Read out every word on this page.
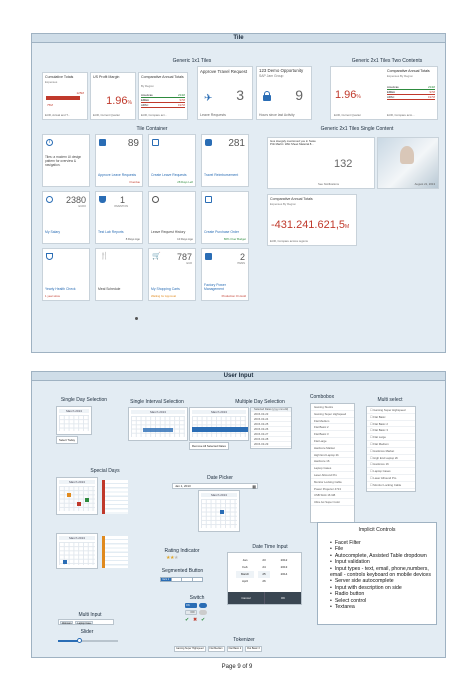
Tile
Generic 1x1 Tiles	Generic 2x1 Tiles Two Contents
Cumulative Totals
Expenses
125M
75M
EUR, Actual and T...
US Profit Margin
1.96%
EUR, Current Quarter
Comparative Annual Totals
By Region
Americas	234M
EMEA	97M
APAC	197M
EUR, Compare acr...
Approve Travel Request
✈ 3
Leave Requests
123 Demo Opportunity
SAP Jam Group
9
Hours since last Activity
1.96%
EUR, Current Quarter
Comparative Annual Totals
Expenses By Region
Americas	234M
EMEA	97M
APAC	197M
EUR, Compare acro...
Tile Container	Generic 2x1 Tiles Single Content
i
Tiles: a modern UI design pattern for overview & navigation.
89
Approve Leave Requests
Overdue
Create Leave Requests
28 Days Left
281
Travel Reimbursement
2380
EURO
My Salary
1
INVENTION
Test Lab Reports
8 Days Ago
Leave Request History
10 Days Ago
Create Purchase Order
80% Over Budget
Yearly Health Check
1 year since
🍴
Meal Schedule
🛒 787
EUR
My Shopping Carts
Waiting for Approval
2
ITEMS
Factory Power Management
Production On Hold
Gus Hoogsly mentioned you in Susie Priti Martin: Wiki Sheet Material 8...
132
See Notifications	August 21, 2013
Comparative Annual Totals
Expenses By Region
-431.241.621,5M
EUR, Compare across regions
User Input
Single Day Selection	Single Interval Selection	Multiple Day Selection
Combobox	Multi select
March 2013
Select Today
March 2013	March 2013
Remove All Selected Dates
Selected Dates (yyyy-mm-dd)
2015-03-23
2015-03-24
2015-03-25
2015-03-26
2015-03-27
2015-03-28
2015-03-29
Gaming Stocks
Gaming Super Highspeed
Flat Medium
Flat Basic 2
Flat Basic 3
Flat Large
Hardcore Market
High End Laptop 2b
Hardcore 16
Laptop Cases
Laser Allround Pro
Monitor Locking Cable
Power Projector 4713
USB Stick 16 GB
Ultra Jet Super Color
☐ Gaming Super Highspeed
☐ Flat Basic
☐ Flat Basic 2
☐ Flat Basic 3
☐ Flat Large
☐ Flat Medium
☐ Hardcore Market
☐ High End Laptop 2b
☐ Hardcore 16
☐ Laptop Cases
☐ Laser Allround Pro
☐ Monitor Locking Cable
Special Days
March 2013
March 2013
Date Picker
Jan 1, 2013	▦
March 2013
Implicit Controls
• Facet Filter
• File
• Autocomplete, Assisted Table dropdown
• Input validation
• Input types - text, email, phone,numbers, email - controls keyboard on mobile devices
• Server side autocomplete
• Input with description on side
• Radio button
• Select control
• Textarea
Rating Indicator
★★★
Segmented Button
Item 1
Date Time Input
Jan
Feb
March
April
23
24
25
26
2012
2013
2014
Cancel	OK
Switch
ON
OFF
✔ ✖ ✔
Multi Input
Webcam	Laptop Case
Slider
Tokenizer
Gaming Super Highspeed	Flat Medium	Flat Basic 2	Flat Basic 3
Page 9 of 9
